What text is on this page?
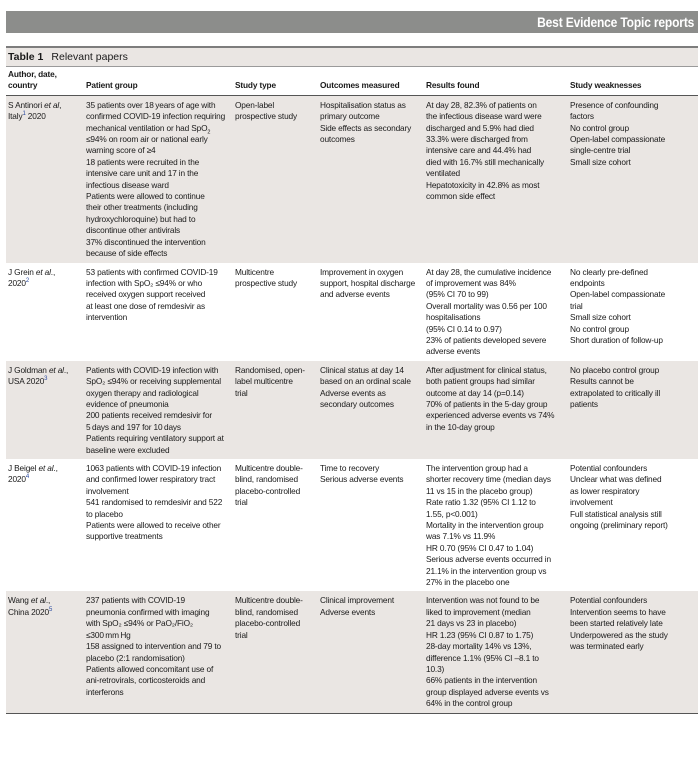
Best Evidence Topic reports
Table 1 Relevant papers
Author, date,
country	Patient group	Study type	Outcomes measured	Results found	Study weaknesses

S Antinori et al,
Italy1 2020

35 patients over 18 years of age with
confirmed COVID-19 infection requiring
mechanical ventilation or had SpO2
≤94% on room air or national early
warning score of ≥4
18 patients were recruited in the
intensive care unit and 17 in the
infectious disease ward
Patients were allowed to continue
their other treatments (including
hydroxychloroquine) but had to
discontinue other antivirals
37% discontinued the intervention
because of side effects

Open-label
prospective study

Hospitalisation status as
primary outcome
Side effects as secondary
outcomes

At day 28, 82.3% of patients on
the infectious disease ward were
discharged and 5.9% had died
33.3% were discharged from
intensive care and 44.4% had
died with 16.7% still mechanically
ventilated
Hepatotoxicity in 42.8% as most
common side effect

Presence of confounding
factors
No control group
Open-label compassionate
single-centre trial
Small size cohort

J Grein et al.,
20202

53 patients with confirmed COVID-19
infection with SpO₂ ≤94% or who
received oxygen support received
at least one dose of remdesivir as
intervention

Multicentre
prospective study

Improvement in oxygen
support, hospital discharge
and adverse events

At day 28, the cumulative incidence
of improvement was 84%
(95% CI 70 to 99)
Overall mortality was 0.56 per 100
hospitalisations
(95% CI 0.14 to 0.97)
23% of patients developed severe
adverse events

No clearly pre-defined
endpoints
Open-label compassionate
trial
Small size cohort
No control group
Short duration of follow-up

J Goldman et al.,
USA 20203

Patients with COVID-19 infection with
SpO₂ ≤94% or receiving supplemental
oxygen therapy and radiological
evidence of pneumonia
200 patients received remdesivir for
5 days and 197 for 10 days
Patients requiring ventilatory support at
baseline were excluded

Randomised, open-
label multicentre
trial

Clinical status at day 14
based on an ordinal scale
Adverse events as
secondary outcomes

After adjustment for clinical status,
both patient groups had similar
outcome at day 14 (p=0.14)
70% of patients in the 5-day group
experienced adverse events vs 74%
in the 10-day group

No placebo control group
Results cannot be
extrapolated to critically ill
patients

J Beigel et al.,
20204

1063 patients with COVID-19 infection
and confirmed lower respiratory tract
involvement
541 randomised to remdesivir and 522
to placebo
Patients were allowed to receive other
supportive treatments

Multicentre double-
blind, randomised
placebo-controlled
trial

Time to recovery
Serious adverse events

The intervention group had a
shorter recovery time (median days
11 vs 15 in the placebo group)
Rate ratio 1.32 (95% CI 1.12 to
1.55, p<0.001)
Mortality in the intervention group
was 7.1% vs 11.9%
HR 0.70 (95% CI 0.47 to 1.04)
Serious adverse events occurred in
21.1% in the intervention group vs
27% in the placebo one

Potential confounders
Unclear what was defined
as lower respiratory
involvement
Full statistical analysis still
ongoing (preliminary report)

Wang et al.,
China 20205

237 patients with COVID-19
pneumonia confirmed with imaging
with SpO₂ ≤94% or PaO₂/FiO₂
≤300 mm Hg
158 assigned to intervention and 79 to
placebo (2:1 randomisation)
Patients allowed concomitant use of
ani-retrovirals, corticosteroids and
interferons

Multicentre double-
blind, randomised
placebo-controlled
trial

Clinical improvement
Adverse events

Intervention was not found to be
liked to improvement (median
21 days vs 23 in placebo)
HR 1.23 (95% CI 0.87 to 1.75)
28-day mortality 14% vs 13%,
difference 1.1% (95% CI –8.1 to
10.3)
66% patients in the intervention
group displayed adverse events vs
64% in the control group

Potential confounders
Intervention seems to have
been started relatively late
Underpowered as the study
was terminated early
